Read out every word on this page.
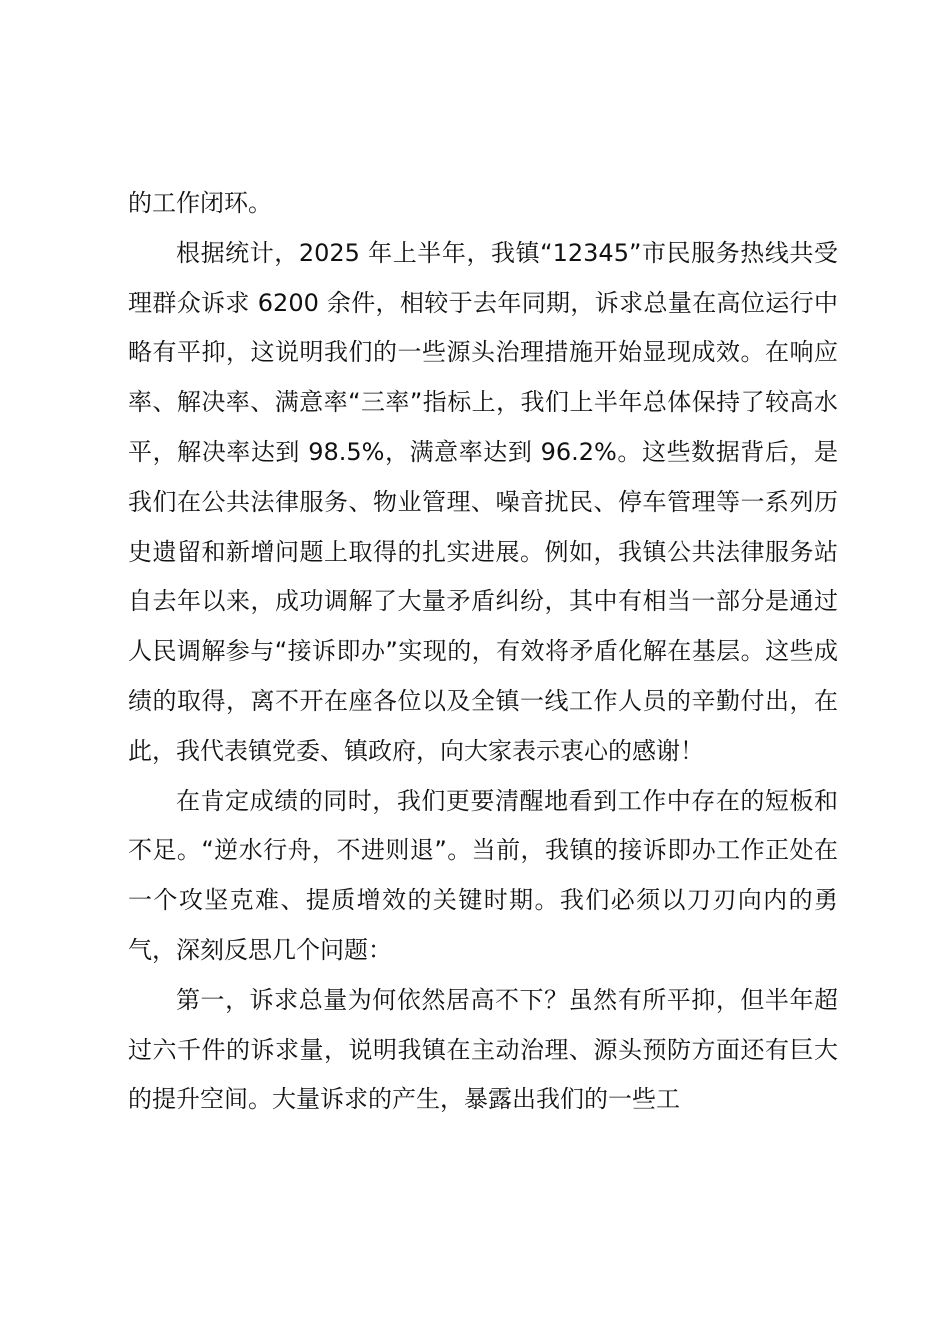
的工作闭环。

根据统计，2025 年上半年，我镇“12345”市民服务热线共受理群众诉求 6200 余件，相较于去年同期，诉求总量在高位运行中略有平抑，这说明我们的一些源头治理措施开始显现成效。在响应率、解决率、满意率“三率”指标上，我们上半年总体保持了较高水平，解决率达到 98.5%，满意率达到 96.2%。这些数据背后，是我们在公共法律服务、物业管理、噪音扰民、停车管理等一系列历史遗留和新增问题上取得的扎实进展。例如，我镇公共法律服务站自去年以来，成功调解了大量矛盾纠纷，其中有相当一部分是通过人民调解参与“接诉即办”实现的，有效将矛盾化解在基层。这些成绩的取得，离不开在座各位以及全镇一线工作人员的辛勤付出，在此，我代表镇党委、镇政府，向大家表示衷心的感谢！

在肯定成绩的同时，我们更要清醒地看到工作中存在的短板和不足。“逆水行舟，不进则退”。当前，我镇的接诉即办工作正处在一个攻坚克难、提质增效的关键时期。我们必须以刀刃向内的勇气，深刻反思几个问题：

第一，诉求总量为何依然居高不下？虽然有所平抑，但半年超过六千件的诉求量，说明我镇在主动治理、源头预防方面还有巨大的提升空间。大量诉求的产生，暴露出我们的一些工
